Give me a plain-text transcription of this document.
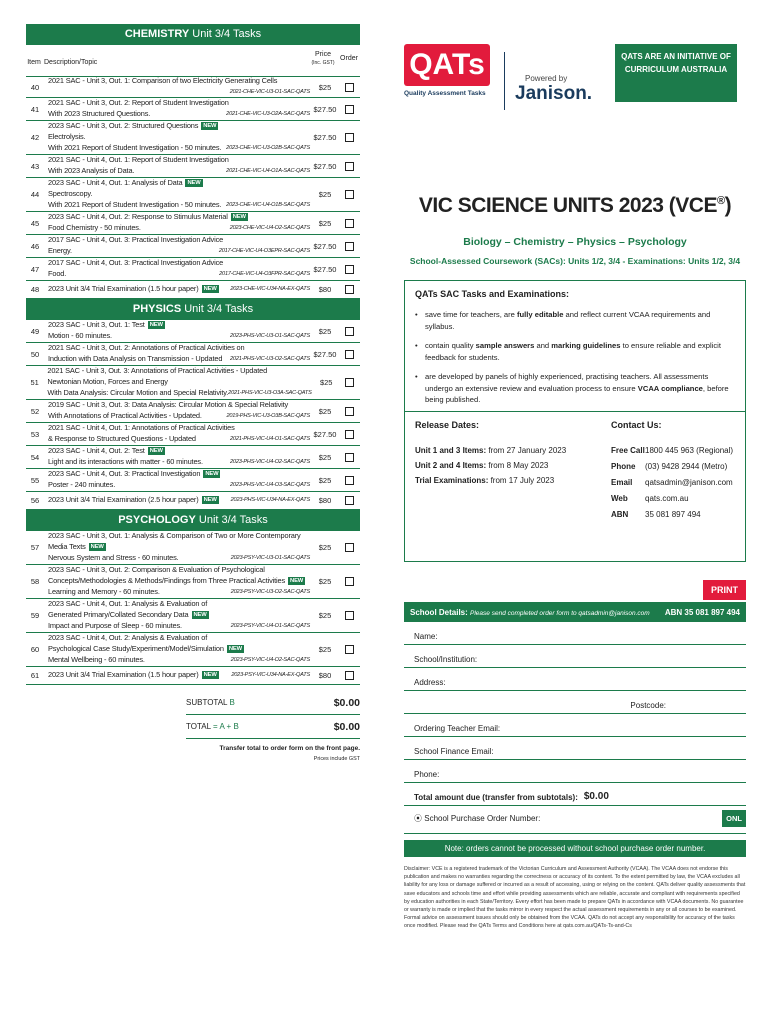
CHEMISTRY Unit 3/4 Tasks
Item Description/Topic
Price
(Inc. GST)
Order
40
2021 SAC - Unit 3, Out. 1: Comparison of two Electricity Generating Cells
2021-CHE-VIC-U3-O1-SAC-QATS
$25
41
2021 SAC - Unit 3, Out. 2: Report of Student Investigation
With 2023 Structured Questions.	2021-CHE-VIC-U3-O2A-SAC-QATS
$27.50
42
2023 SAC - Unit 3, Out. 2: Structured Questions NEW
Electrolysis.
With 2021 Report of Student Investigation - 50 minutes. 2023-CHE-VIC-U3-O2B-SAC-QATS
$27.50
43
2021 SAC - Unit 4, Out. 1: Report of Student Investigation
With 2023 Analysis of Data.	2021-CHE-VIC-U4-O1A-SAC-QATS
$27.50
44
2023 SAC - Unit 4, Out. 1: Analysis of Data NEW
Spectroscopy.
With 2021 Report of Student Investigation - 50 minutes. 2023-CHE-VIC-U4-O1B-SAC-QATS
$25
45
2023 SAC - Unit 4, Out. 2: Response to Stimulus Material NEW
Food Chemistry - 50 minutes.	2023-CHE-VIC-U4-O2-SAC-QATS
$25
46
2017 SAC - Unit 4, Out. 3: Practical Investigation Advice
Energy.	2017-CHE-VIC-U4-O3EPR-SAC-QATS
$27.50
47
2017 SAC - Unit 4, Out. 3: Practical Investigation Advice
Food.	2017-CHE-VIC-U4-O3FPR-SAC-QATS
$27.50
48	2023 Unit 3/4 Trial Examination (1.5 hour paper) NEW	2023-CHE-VIC-U34-NA-EX-QATS	$80
PHYSICS Unit 3/4 Tasks
49
2023 SAC - Unit 3, Out. 1: Test NEW
Motion - 60 minutes.	2023-PHS-VIC-U3-O1-SAC-QATS
$25
50
2021 SAC - Unit 3, Out. 2: Annotations of Practical Activities on
Induction with Data Analysis on Transmission - Updated 2021-PHS-VIC-U3-O2-SAC-QATS
$27.50
51
2021 SAC - Unit 3, Out. 3: Annotations of Practical Activities - Updated
Newtonian Motion, Forces and Energy
With Data Analysis: Circular Motion and Special Relativity. 2021-PHS-VIC-U3-O3A-SAC-QATS
$25
52
2019 SAC - Unit 3, Out. 3: Data Analysis: Circular Motion & Special Relativity
With Annotations of Practical Activities - Updated.	2019-PHS-VIC-U3-O3B-SAC-QATS
$25
53
2021 SAC - Unit 4, Out. 1: Annotations of Practical Activities
& Response to Structured Questions - Updated	2021-PHS-VIC-U4-O1-SAC-QATS
$27.50
54
2023 SAC - Unit 4, Out. 2: Test NEW
Light and its interactions with matter - 60 minutes.	2023-PHS-VIC-U4-O2-SAC-QATS
$25
55
2023 SAC - Unit 4, Out. 3: Practical Investigation NEW
Poster - 240 minutes.	2023-PHS-VIC-U4-O3-SAC-QATS
$25
56	2023 Unit 3/4 Trial Examination (2.5 hour paper) NEW	2023-PHS-VIC-U34-NA-EX-QATS	$80
PSYCHOLOGY Unit 3/4 Tasks
57
2023 SAC - Unit 3, Out. 1: Analysis & Comparison of Two or More Contemporary
Media Texts NEW
Nervous System and Stress - 60 minutes.	2023-PSY-VIC-U3-O1-SAC-QATS
$25
58
2023 SAC - Unit 3, Out. 2: Comparison & Evaluation of Psychological
Concepts/Methodologies & Methods/Findings from Three Practical Activities NEW
Learning and Memory - 60 minutes.	2023-PSY-VIC-U3-O2-SAC-QATS
$25
59
2023 SAC - Unit 4, Out. 1: Analysis & Evaluation of
Generated Primary/Collated Secondary Data NEW
Impact and Purpose of Sleep - 60 minutes.	2023-PSY-VIC-U4-O1-SAC-QATS
$25
60
2023 SAC - Unit 4, Out. 2: Analysis & Evaluation of
Psychological Case Study/Experiment/Model/Simulation NEW
Mental Wellbeing - 60 minutes.	2023-PSY-VIC-U4-O2-SAC-QATS
$25
61	2023 Unit 3/4 Trial Examination (1.5 hour paper) NEW	2023-PSY-VIC-U34-NA-EX-QATS	$80
SUBTOTAL B	$0.00
TOTAL = A + B	$0.00
Transfer total to order form on the front page.
Prices include GST
QATs
Quality Assessment Tasks
Powered by
Janison.
QATS ARE AN INITIATIVE OF CURRICULUM AUSTRALIA
VIC SCIENCE UNITS 2023 (VCE®)
Biology – Chemistry – Physics – Psychology
School-Assessed Coursework (SACs): Units 1/2, 3/4 - Examinations: Units 1/2, 3/4
QATs SAC Tasks and Examinations:
• save time for teachers, are fully editable and reflect current VCAA requirements and syllabus.
• contain quality sample answers and marking guidelines to ensure reliable and explicit feedback for students.
• are developed by panels of highly experienced, practising teachers. All assessments undergo an extensive review and evaluation process to ensure VCAA compliance, before being published.
Release Dates:
Unit 1 and 3 Items: from 27 January 2023
Unit 2 and 4 Items: from 8 May 2023
Trial Examinations: from 17 July 2023
Contact Us:
Free Call 1800 445 963 (Regional)
Phone	(03) 9428 2944 (Metro)
Email	qatsadmin@janison.com
Web	qats.com.au
ABN	35 081 897 494
PRINT
School Details: Please send completed order form to qatsadmin@janison.com ABN 35 081 897 494
Name:
School/Institution:
Address:
Postcode:
Ordering Teacher Email:
School Finance Email:
Phone:
Total amount due (transfer from subtotals): $0.00
⦿ School Purchase Order Number:	ONL
Note: orders cannot be processed without school purchase order number.
Disclaimer: VCE is a registered trademark of the Victorian Curriculum and Assessment Authority (VCAA). The VCAA does not endorse this publication and makes no warranties regarding the correctness or accuracy of its content. To the extent permitted by law, the VCAA excludes all liability for any loss or damage suffered or incurred as a result of accessing, using or relying on the content. QATs deliver quality assessments that save educators and schools time and effort while providing assessments which are reliable, accurate and compliant with requirements specified by education authorities in each State/Territory. Every effort has been made to prepare QATs in accordance with VCAA documents. No guarantee or warranty is made or implied that the tasks mirror in every respect the actual assessment requirements in any or all courses to be examined. Formal advice on assessment issues should only be obtained from the VCAA. QATs do not accept any responsibility for accuracy of the tasks once modified. Please read the QATs Terms and Conditions here at qats.com.au/QATs-Ts-and-Cs
